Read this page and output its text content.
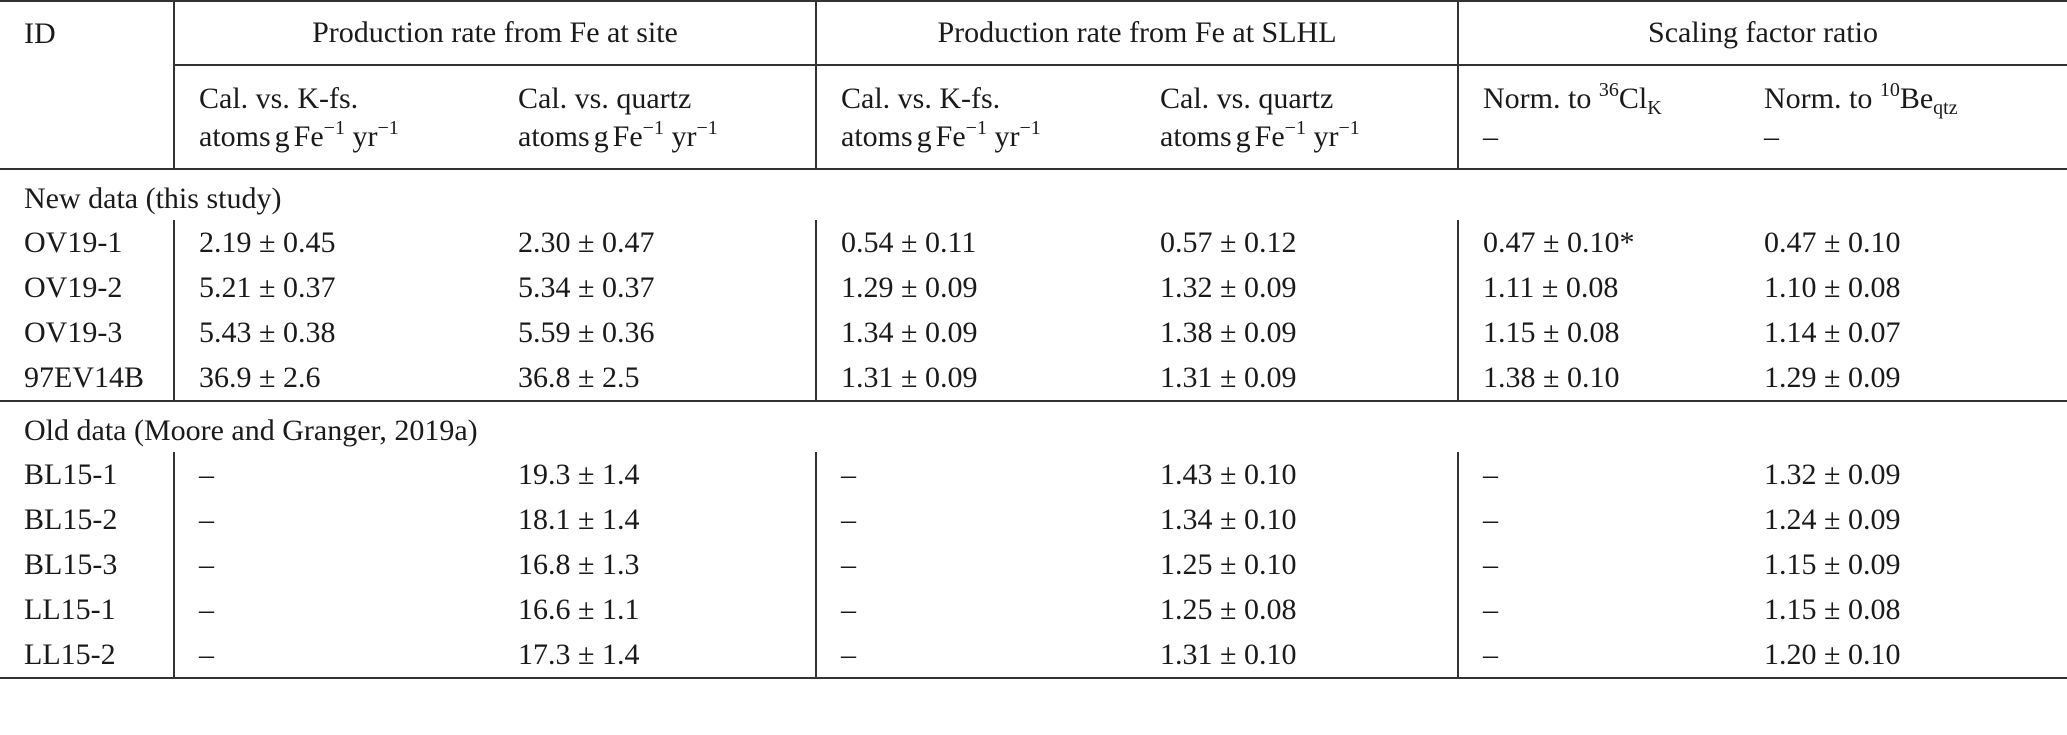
ID	Production rate from Fe at site		Production rate from Fe at SLHL		Scaling factor ratio	
	Cal. vs. K-fs.	Cal. vs. quartz	Cal. vs. K-fs.	Cal. vs. quartz	Norm. to $^{36}Cl_K$	Norm. to $^{10}Be_{qtz}$
	atoms g $Fe^{-1}$ $yr^{-1}$	atoms g $Fe^{-1}$ $yr^{-1}$	atoms g $Fe^{-1}$ $yr^{-1}$	atoms g $Fe^{-1}$ $yr^{-1}$	–	–
New data (this study)						
OV19-1	2.19 ± 0.45	2.30 ± 0.47	0.54 ± 0.11	0.57 ± 0.12	0.47 ± 0.10*	0.47 ± 0.10
OV19-2	5.21 ± 0.37	5.34 ± 0.37	1.29 ± 0.09	1.32 ± 0.09	1.11 ± 0.08	1.10 ± 0.08
OV19-3	5.43 ± 0.38	5.59 ± 0.36	1.34 ± 0.09	1.38 ± 0.09	1.15 ± 0.08	1.14 ± 0.07
97EV14B	36.9 ± 2.6	36.8 ± 2.5	1.31 ± 0.09	1.31 ± 0.09	1.38 ± 0.10	1.29 ± 0.09
Old data (Moore and Granger, 2019a)						
BL15-1	–	19.3 ± 1.4	–	1.43 ± 0.10	–	1.32 ± 0.09
BL15-2	–	18.1 ± 1.4	–	1.34 ± 0.10	–	1.24 ± 0.09
BL15-3	–	16.8 ± 1.3	–	1.25 ± 0.10	–	1.15 ± 0.09
LL15-1	–	16.6 ± 1.1	–	1.25 ± 0.08	–	1.15 ± 0.08
LL15-2	–	17.3 ± 1.4	–	1.31 ± 0.10	–	1.20 ± 0.10
